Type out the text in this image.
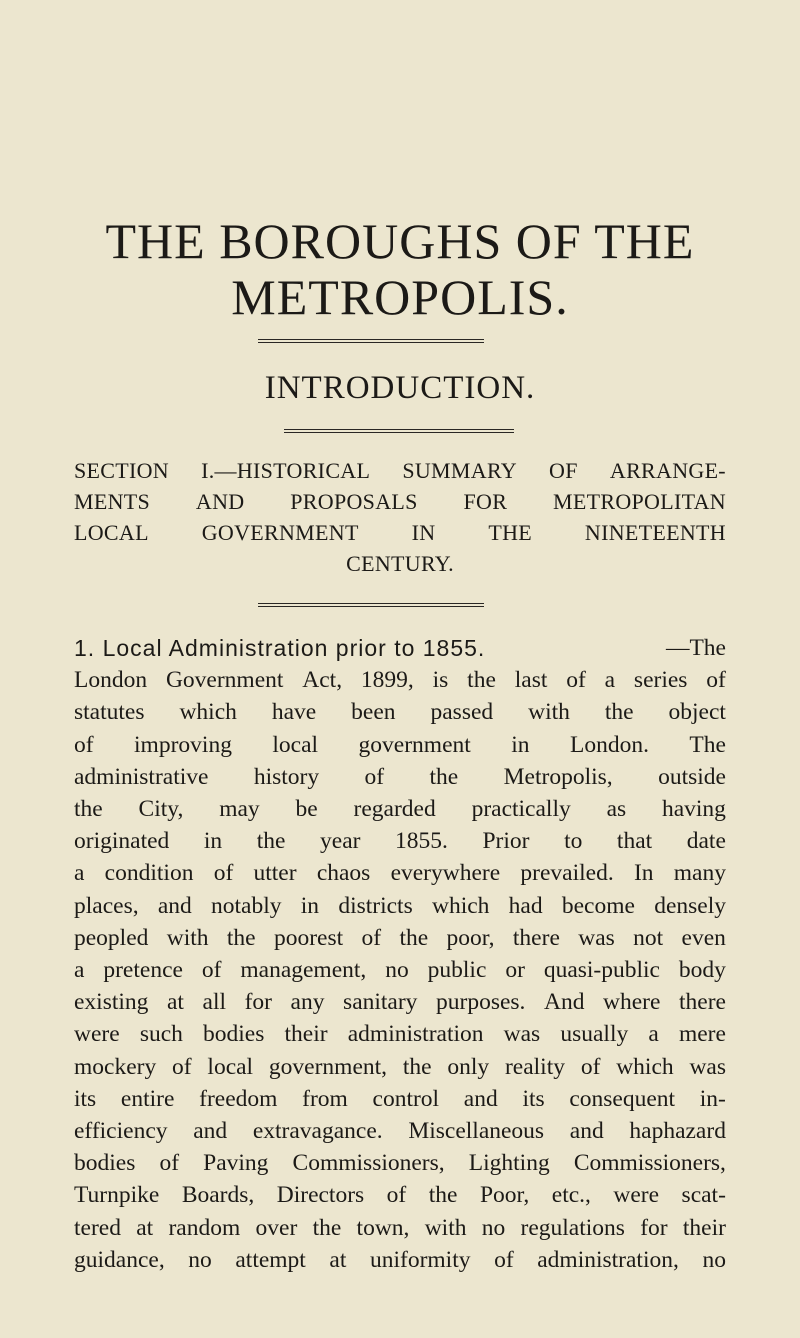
THE BOROUGHS OF THE
METROPOLIS.
INTRODUCTION.
SECTION I.—HISTORICAL SUMMARY OF ARRANGE-
MENTS AND PROPOSALS FOR METROPOLITAN
LOCAL GOVERNMENT IN THE NINETEENTH
CENTURY.
1. Local Administration prior to 1855.	—The
London Government Act, 1899, is the last of a series of
statutes which have been passed with the object
of improving local government in London. The
administrative history of the Metropolis, outside
the City, may be regarded practically as having
originated in the year 1855. Prior to that date
a condition of utter chaos everywhere prevailed. In many
places, and notably in districts which had become densely
peopled with the poorest of the poor, there was not even
a pretence of management, no public or quasi-public body
existing at all for any sanitary purposes. And where there
were such bodies their administration was usually a mere
mockery of local government, the only reality of which was
its entire freedom from control and its consequent in-
efficiency and extravagance. Miscellaneous and haphazard
bodies of Paving Commissioners, Lighting Commissioners,
Turnpike Boards, Directors of the Poor, etc., were scat-
tered at random over the town, with no regulations for their
guidance, no attempt at uniformity of administration, no
